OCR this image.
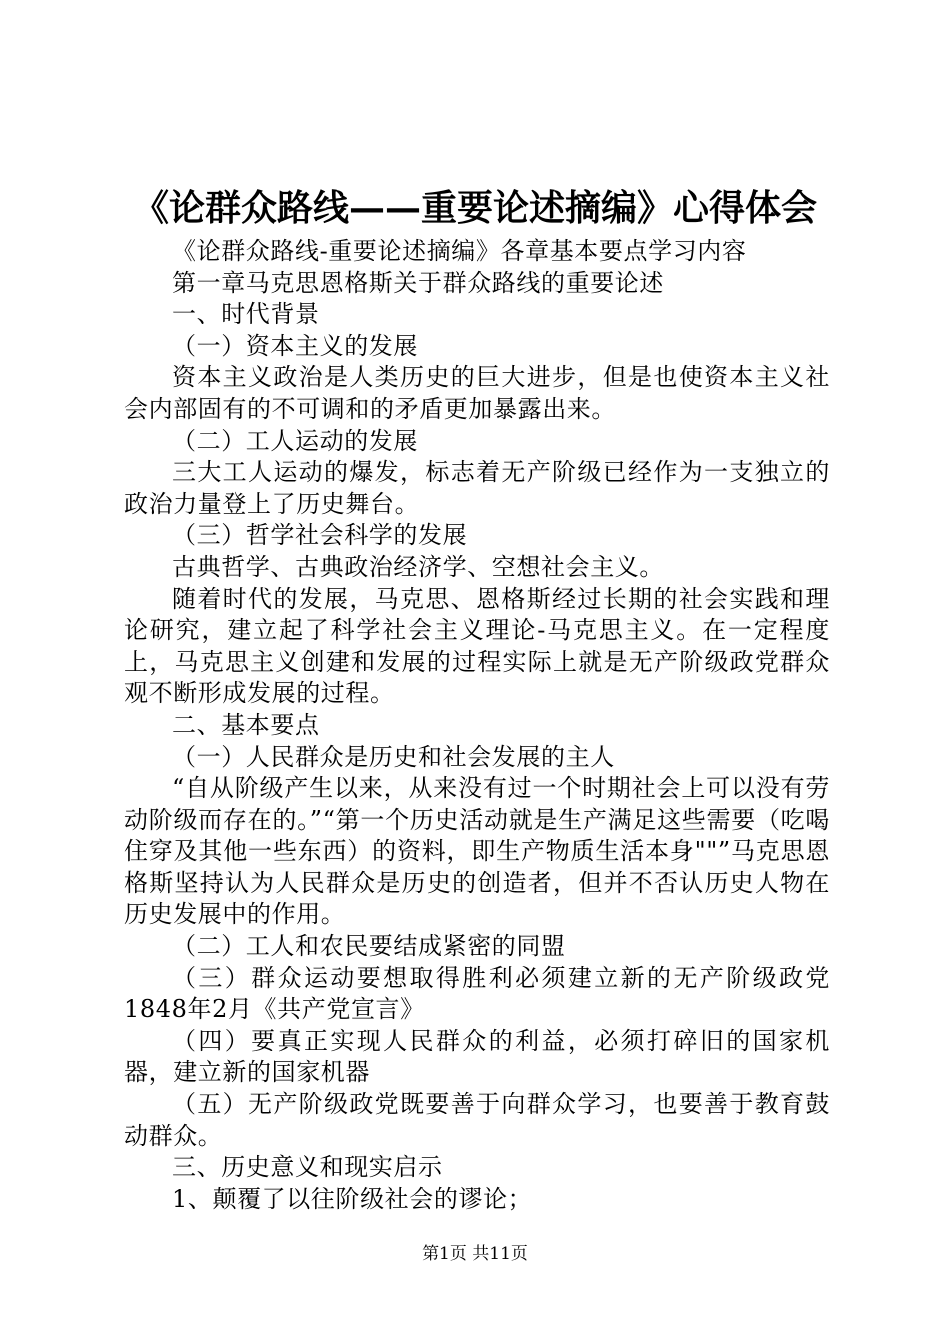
《论群众路线——重要论述摘编》心得体会

《论群众路线-重要论述摘编》各章基本要点学习内容

第一章马克思恩格斯关于群众路线的重要论述

一、时代背景

（一）资本主义的发展

资本主义政治是人类历史的巨大进步，但是也使资本主义社会内部固有的不可调和的矛盾更加暴露出来。

（二）工人运动的发展

三大工人运动的爆发，标志着无产阶级已经作为一支独立的政治力量登上了历史舞台。

（三）哲学社会科学的发展

古典哲学、古典政治经济学、空想社会主义。

随着时代的发展，马克思、恩格斯经过长期的社会实践和理论研究，建立起了科学社会主义理论-马克思主义。在一定程度上，马克思主义创建和发展的过程实际上就是无产阶级政党群众观不断形成发展的过程。

二、基本要点

（一）人民群众是历史和社会发展的主人

“自从阶级产生以来，从来没有过一个时期社会上可以没有劳动阶级而存在的。”“第一个历史活动就是生产满足这些需要（吃喝住穿及其他一些东西）的资料，即生产物质生活本身""”马克思恩格斯坚持认为人民群众是历史的创造者，但并不否认历史人物在历史发展中的作用。

（二）工人和农民要结成紧密的同盟

（三）群众运动要想取得胜利必须建立新的无产阶级政党1848年2月《共产党宣言》

（四）要真正实现人民群众的利益，必须打碎旧的国家机器，建立新的国家机器

（五）无产阶级政党既要善于向群众学习，也要善于教育鼓动群众。

三、历史意义和现实启示

1、颠覆了以往阶级社会的谬论；

第1页 共11页
